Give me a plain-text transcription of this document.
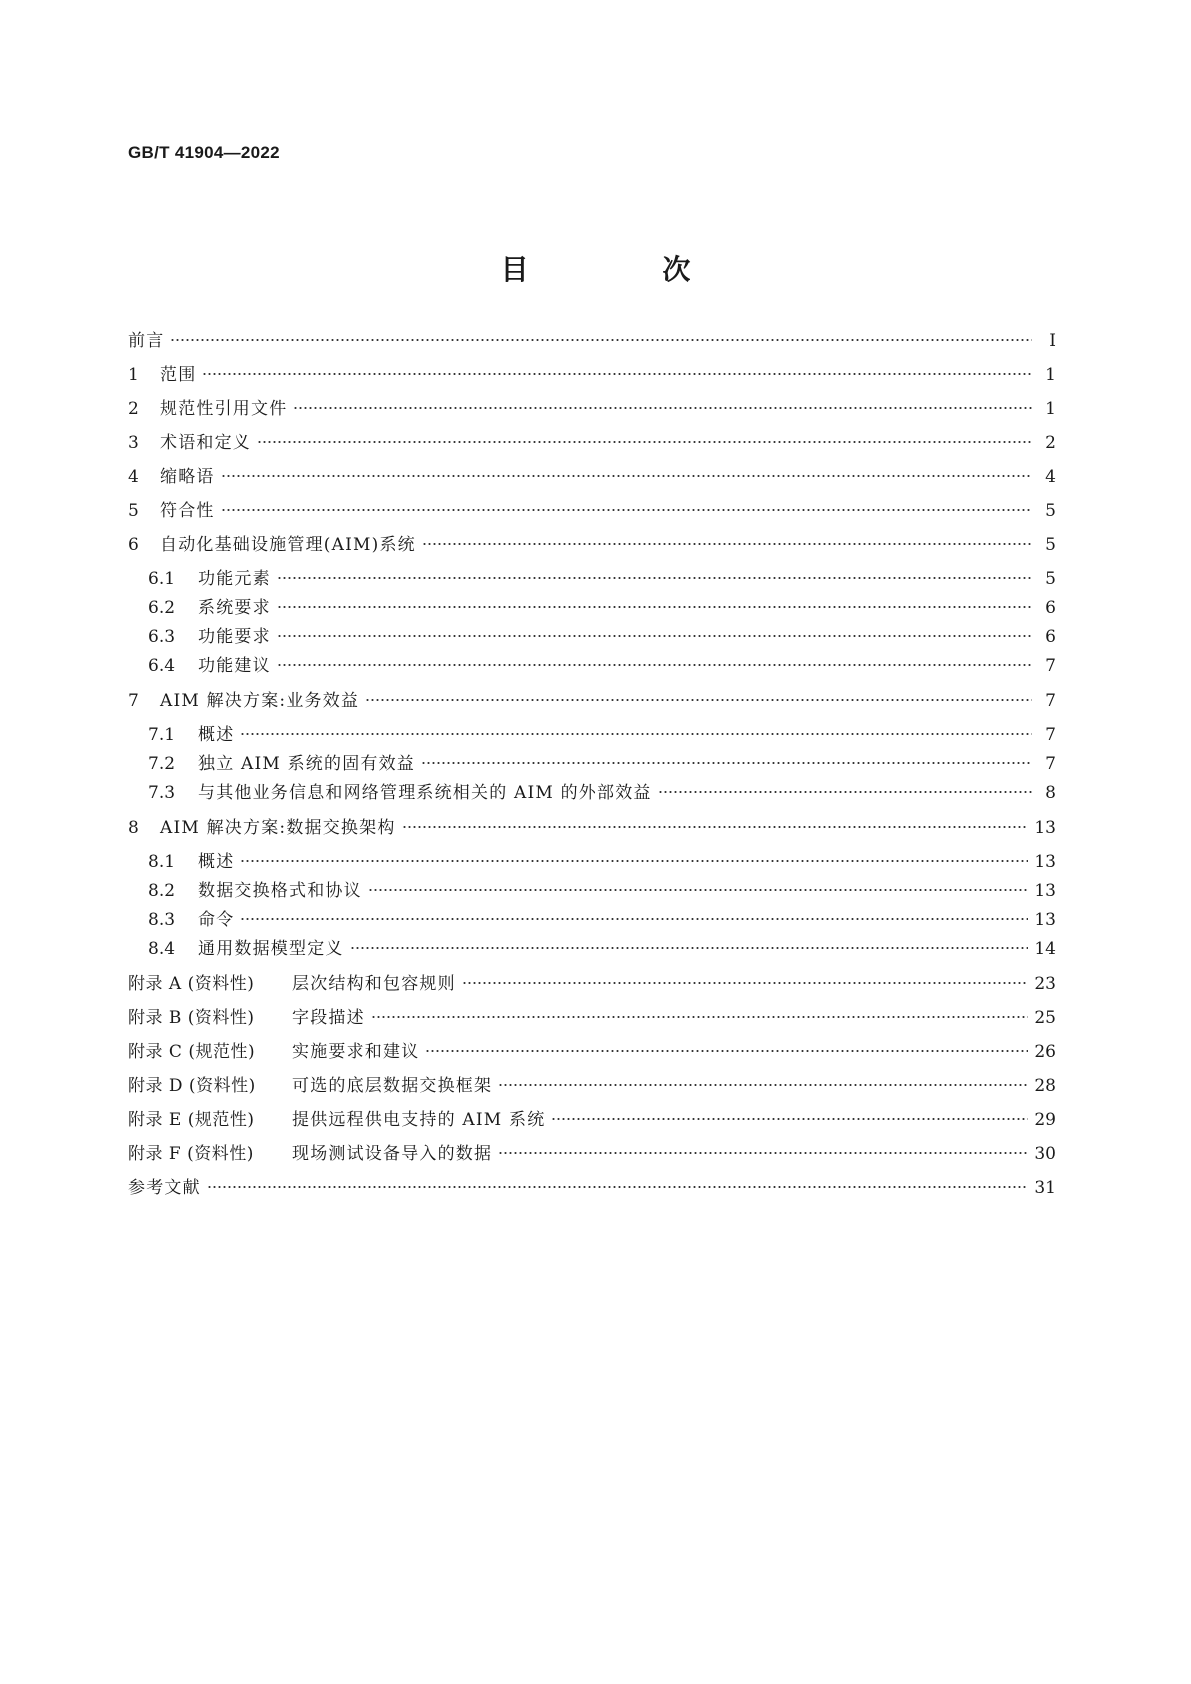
GB/T 41904—2022
目 次
前言	Ⅰ
1	范围	1
2	规范性引用文件	1
3	术语和定义	2
4	缩略语	4
5	符合性	5
6	自动化基础设施管理(AIM)系统	5
6.1	功能元素	5
6.2	系统要求	6
6.3	功能要求	6
6.4	功能建议	7
7	AIM 解决方案:业务效益	7
7.1	概述	7
7.2	独立 AIM 系统的固有效益	7
7.3	与其他业务信息和网络管理系统相关的 AIM 的外部效益	8
8	AIM 解决方案:数据交换架构	13
8.1	概述	13
8.2	数据交换格式和协议	13
8.3	命令	13
8.4	通用数据模型定义	14
附录 A (资料性)	层次结构和包容规则	23
附录 B (资料性)	字段描述	25
附录 C (规范性)	实施要求和建议	26
附录 D (资料性)	可选的底层数据交换框架	28
附录 E (规范性)	提供远程供电支持的 AIM 系统	29
附录 F (资料性)	现场测试设备导入的数据	30
参考文献	31
